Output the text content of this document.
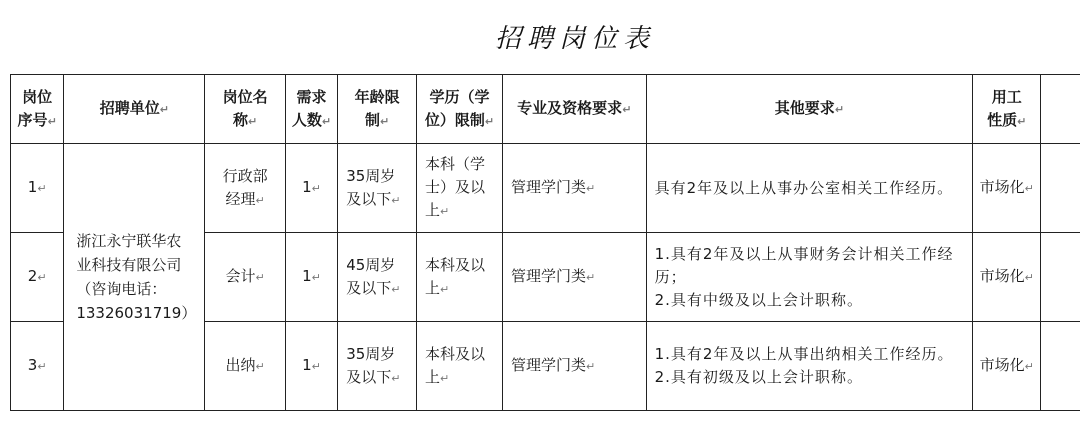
招聘岗位表
岗位
序号↵	招聘单位↵	岗位名
称↵	需求
人数↵	年龄限
制↵	学历（学
位）限制↵	专业及资格要求↵	其他要求↵	用工
性质↵	
1↵	浙江永宁联华农业科技有限公司（咨询电话：13326031719）	行政部经理↵	1↵	35周岁及以下↵	本科（学士）及以上↵	管理学门类↵	具有2年及以上从事办公室相关工作经历。	市场化↵	
2↵		会计↵	1↵	45周岁及以下↵	本科及以上↵	管理学门类↵	1.具有2年及以上从事财务会计相关工作经历；
2.具有中级及以上会计职称。	市场化↵	
3↵		出纳↵	1↵	35周岁及以下↵	本科及以上↵	管理学门类↵	1.具有2年及以上从事出纳相关工作经历。
2.具有初级及以上会计职称。	市场化↵	
